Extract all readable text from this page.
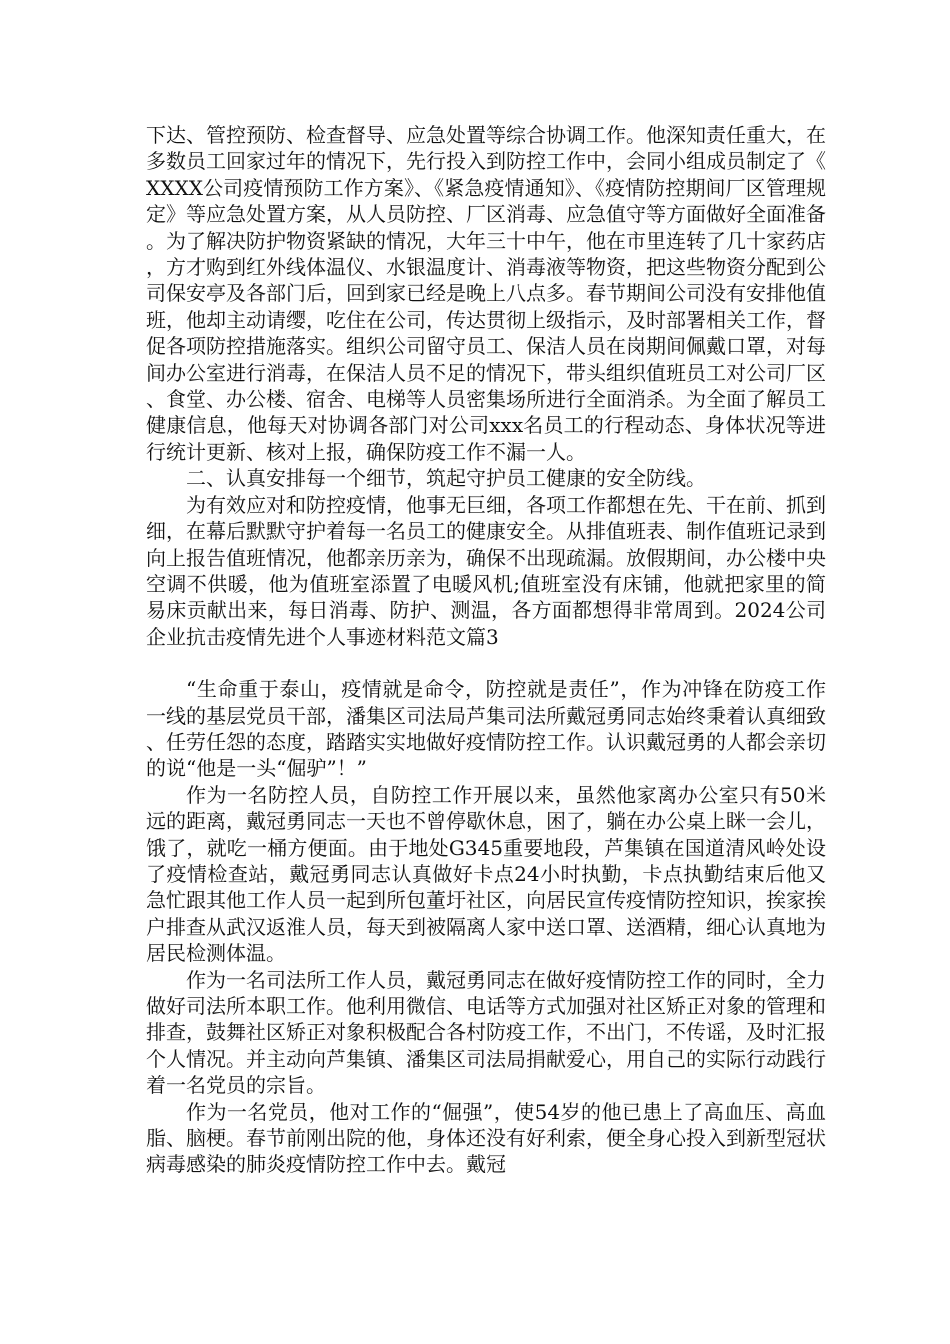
下达、管控预防、检查督导、应急处置等综合协调工作。他深知责任重大，在多数员工回家过年的情况下，先行投入到防控工作中，会同小组成员制定了《XXXX公司疫情预防工作方案》、《紧急疫情通知》、《疫情防控期间厂区管理规定》等应急处置方案，从人员防控、厂区消毒、应急值守等方面做好全面准备。为了解决防护物资紧缺的情况，大年三十中午，他在市里连转了几十家药店，方才购到红外线体温仪、水银温度计、消毒液等物资，把这些物资分配到公司保安亭及各部门后，回到家已经是晚上八点多。春节期间公司没有安排他值班，他却主动请缨，吃住在公司，传达贯彻上级指示，及时部署相关工作，督促各项防控措施落实。组织公司留守员工、保洁人员在岗期间佩戴口罩，对每间办公室进行消毒，在保洁人员不足的情况下，带头组织值班员工对公司厂区、食堂、办公楼、宿舍、电梯等人员密集场所进行全面消杀。为全面了解员工健康信息，他每天对协调各部门对公司xxx名员工的行程动态、身体状况等进行统计更新、核对上报，确保防疫工作不漏一人。

二、认真安排每一个细节，筑起守护员工健康的安全防线。

为有效应对和防控疫情，他事无巨细，各项工作都想在先、干在前、抓到细，在幕后默默守护着每一名员工的健康安全。从排值班表、制作值班记录到向上报告值班情况，他都亲历亲为，确保不出现疏漏。放假期间，办公楼中央空调不供暖，他为值班室添置了电暖风机;值班室没有床铺，他就把家里的简易床贡献出来，每日消毒、防护、测温，各方面都想得非常周到。2024公司企业抗击疫情先进个人事迹材料范文篇3

“生命重于泰山，疫情就是命令，防控就是责任”，作为冲锋在防疫工作一线的基层党员干部，潘集区司法局芦集司法所戴冠勇同志始终秉着认真细致、任劳任怨的态度，踏踏实实地做好疫情防控工作。认识戴冠勇的人都会亲切的说“他是一头“倔驴”！”

作为一名防控人员，自防控工作开展以来，虽然他家离办公室只有50米远的距离，戴冠勇同志一天也不曾停歇休息，困了，躺在办公桌上眯一会儿，饿了，就吃一桶方便面。由于地处G345重要地段，芦集镇在国道清风岭处设了疫情检查站，戴冠勇同志认真做好卡点24小时执勤，卡点执勤结束后他又急忙跟其他工作人员一起到所包董圩社区，向居民宣传疫情防控知识，挨家挨户排查从武汉返淮人员，每天到被隔离人家中送口罩、送酒精，细心认真地为居民检测体温。

作为一名司法所工作人员，戴冠勇同志在做好疫情防控工作的同时，全力做好司法所本职工作。他利用微信、电话等方式加强对社区矫正对象的管理和排查，鼓舞社区矫正对象积极配合各村防疫工作，不出门，不传谣，及时汇报个人情况。并主动向芦集镇、潘集区司法局捐献爱心，用自己的实际行动践行着一名党员的宗旨。

作为一名党员，他对工作的“倔强”，使54岁的他已患上了高血压、高血脂、脑梗。春节前刚出院的他，身体还没有好利索，便全身心投入到新型冠状病毒感染的肺炎疫情防控工作中去。戴冠
